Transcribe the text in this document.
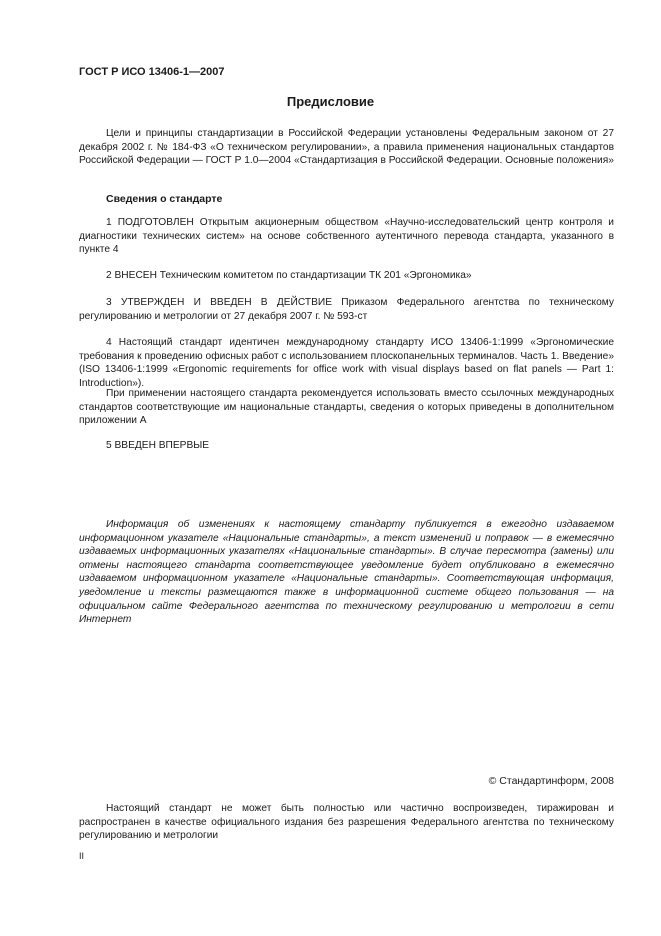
ГОСТ Р ИСО 13406-1—2007
Предисловие

Цели и принципы стандартизации в Российской Федерации установлены Федеральным законом от 27 декабря 2002 г. № 184-ФЗ «О техническом регулировании», а правила применения национальных стандартов Российской Федерации — ГОСТ Р 1.0—2004 «Стандартизация в Российской Федерации. Основные положения»

Сведения о стандарте

1 ПОДГОТОВЛЕН Открытым акционерным обществом «Научно-исследовательский центр контроля и диагностики технических систем» на основе собственного аутентичного перевода стандарта, указанного в пункте 4

2 ВНЕСЕН Техническим комитетом по стандартизации ТК 201 «Эргономика»

3 УТВЕРЖДЕН И ВВЕДЕН В ДЕЙСТВИЕ Приказом Федерального агентства по техническому регулированию и метрологии от 27 декабря 2007 г. № 593-ст

4 Настоящий стандарт идентичен международному стандарту ИСО 13406-1:1999 «Эргономические требования к проведению офисных работ с использованием плоскопанельных терминалов. Часть 1. Введение» (ISO 13406-1:1999 «Ergonomic requirements for office work with visual displays based on flat panels — Part 1: Introduction»).

При применении настоящего стандарта рекомендуется использовать вместо ссылочных международных стандартов соответствующие им национальные стандарты, сведения о которых приведены в дополнительном приложении А

5 ВВЕДЕН ВПЕРВЫЕ

Информация об изменениях к настоящему стандарту публикуется в ежегодно издаваемом информационном указателе «Национальные стандарты», а текст изменений и поправок — в ежемесячно издаваемых информационных указателях «Национальные стандарты». В случае пересмотра (замены) или отмены настоящего стандарта соответствующее уведомление будет опубликовано в ежемесячно издаваемом информационном указателе «Национальные стандарты». Соответствующая информация, уведомление и тексты размещаются также в информационной системе общего пользования — на официальном сайте Федерального агентства по техническому регулированию и метрологии в сети Интернет

© Стандартинформ, 2008

Настоящий стандарт не может быть полностью или частично воспроизведен, тиражирован и распространен в качестве официального издания без разрешения Федерального агентства по техническому регулированию и метрологии

II
